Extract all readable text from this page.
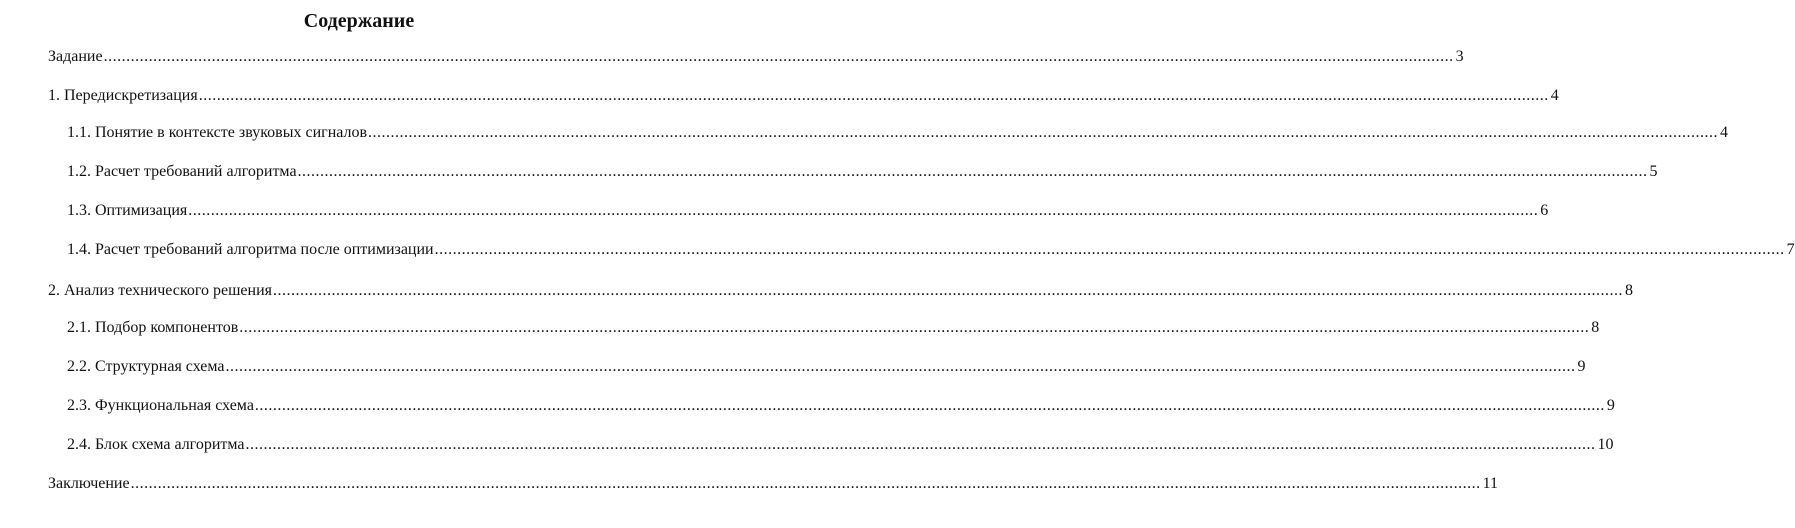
Содержание
Задание ............................................................................................................................................................................................................................................................................................................ 3
1. Передискретизация ............................................................................................................................................................................................................................................................................................................ 4
1.1. Понятие в контексте звуковых сигналов ............................................................................................................................................................................................................................................................................................................ 4
1.2. Расчет требований алгоритма ............................................................................................................................................................................................................................................................................................................ 5
1.3. Оптимизация ............................................................................................................................................................................................................................................................................................................ 6
1.4. Расчет требований алгоритма после оптимизации ............................................................................................................................................................................................................................................................................................................ 7
2. Анализ технического решения ............................................................................................................................................................................................................................................................................................................ 8
2.1. Подбор компонентов ............................................................................................................................................................................................................................................................................................................ 8
2.2. Структурная схема ............................................................................................................................................................................................................................................................................................................ 9
2.3. Функциональная схема ............................................................................................................................................................................................................................................................................................................ 9
2.4. Блок схема алгоритма ............................................................................................................................................................................................................................................................................................................ 10
Заключение ............................................................................................................................................................................................................................................................................................................ 11
